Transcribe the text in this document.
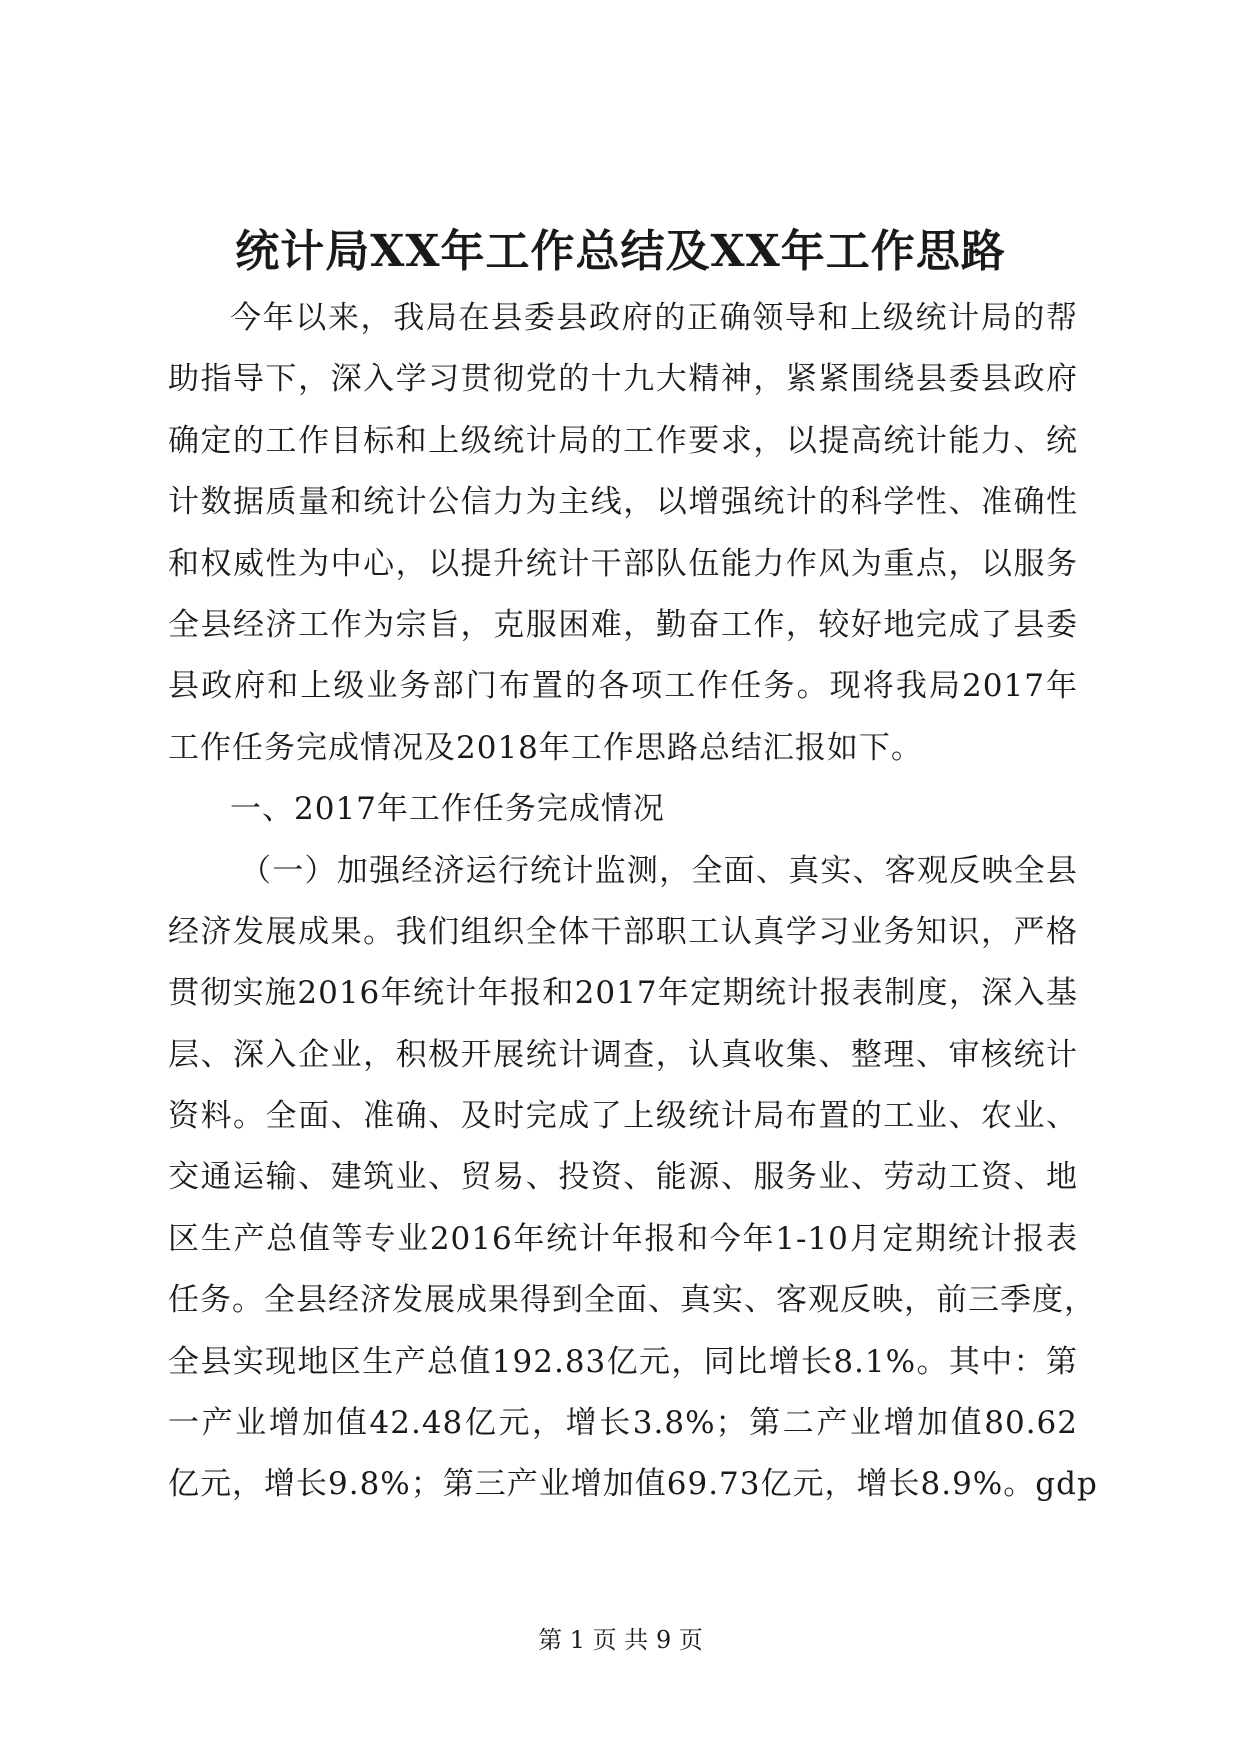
统计局XX年工作总结及XX年工作思路
今年以来，我局在县委县政府的正确领导和上级统计局的帮
助指导下，深入学习贯彻党的十九大精神，紧紧围绕县委县政府
确定的工作目标和上级统计局的工作要求，以提高统计能力、统
计数据质量和统计公信力为主线，以增强统计的科学性、准确性
和权威性为中心，以提升统计干部队伍能力作风为重点，以服务
全县经济工作为宗旨，克服困难，勤奋工作，较好地完成了县委
县政府和上级业务部门布置的各项工作任务。现将我局2017年
工作任务完成情况及2018年工作思路总结汇报如下。
一、2017年工作任务完成情况
（一）加强经济运行统计监测，全面、真实、客观反映全县
经济发展成果。我们组织全体干部职工认真学习业务知识，严格
贯彻实施2016年统计年报和2017年定期统计报表制度，深入基
层、深入企业，积极开展统计调查，认真收集、整理、审核统计
资料。全面、准确、及时完成了上级统计局布置的工业、农业、
交通运输、建筑业、贸易、投资、能源、服务业、劳动工资、地
区生产总值等专业2016年统计年报和今年1-10月定期统计报表
任务。全县经济发展成果得到全面、真实、客观反映，前三季度，
全县实现地区生产总值192.83亿元，同比增长8.1%。其中：第
一产业增加值42.48亿元，增长3.8%；第二产业增加值80.62
亿元，增长9.8%；第三产业增加值69.73亿元，增长8.9%。gdp
第 1 页 共 9 页
